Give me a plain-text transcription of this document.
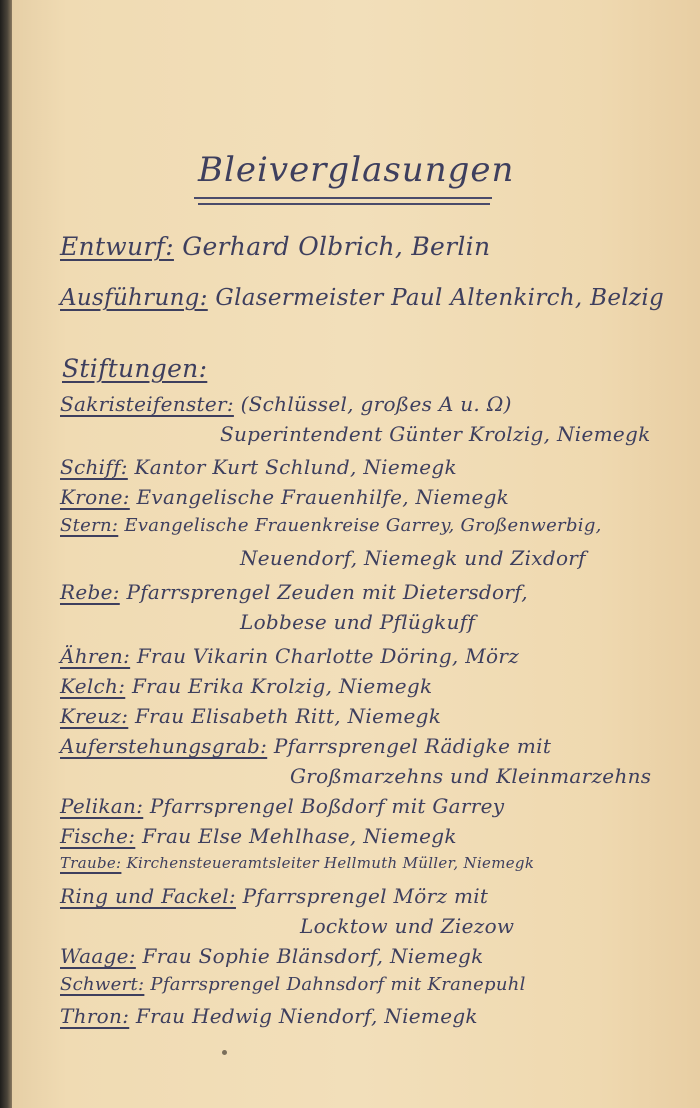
Bleiverglasungen
Entwurf: Gerhard Olbrich, Berlin
Ausführung: Glasermeister Paul Altenkirch, Belzig
Stiftungen:
Sakristeifenster: (Schlüssel, großes A u. Ω)
Superintendent Günter Krolzig, Niemegk
Schiff: Kantor Kurt Schlund, Niemegk
Krone: Evangelische Frauenhilfe, Niemegk
Stern: Evangelische Frauenkreise Garrey, Großenwerbig,
Neuendorf, Niemegk und Zixdorf
Rebe: Pfarrsprengel Zeuden mit Dietersdorf,
Lobbese und Pflügkuff
Ähren: Frau Vikarin Charlotte Döring, Mörz
Kelch: Frau Erika Krolzig, Niemegk
Kreuz: Frau Elisabeth Ritt, Niemegk
Auferstehungsgrab: Pfarrsprengel Rädigke mit
Großmarzehns und Kleinmarzehns
Pelikan: Pfarrsprengel Boßdorf mit Garrey
Fische: Frau Else Mehlhase, Niemegk
Traube: Kirchensteueramtsleiter Hellmuth Müller, Niemegk
Ring und Fackel: Pfarrsprengel Mörz mit
Locktow und Ziezow
Waage: Frau Sophie Blänsdorf, Niemegk
Schwert: Pfarrsprengel Dahnsdorf mit Kranepuhl
Thron: Frau Hedwig Niendorf, Niemegk
